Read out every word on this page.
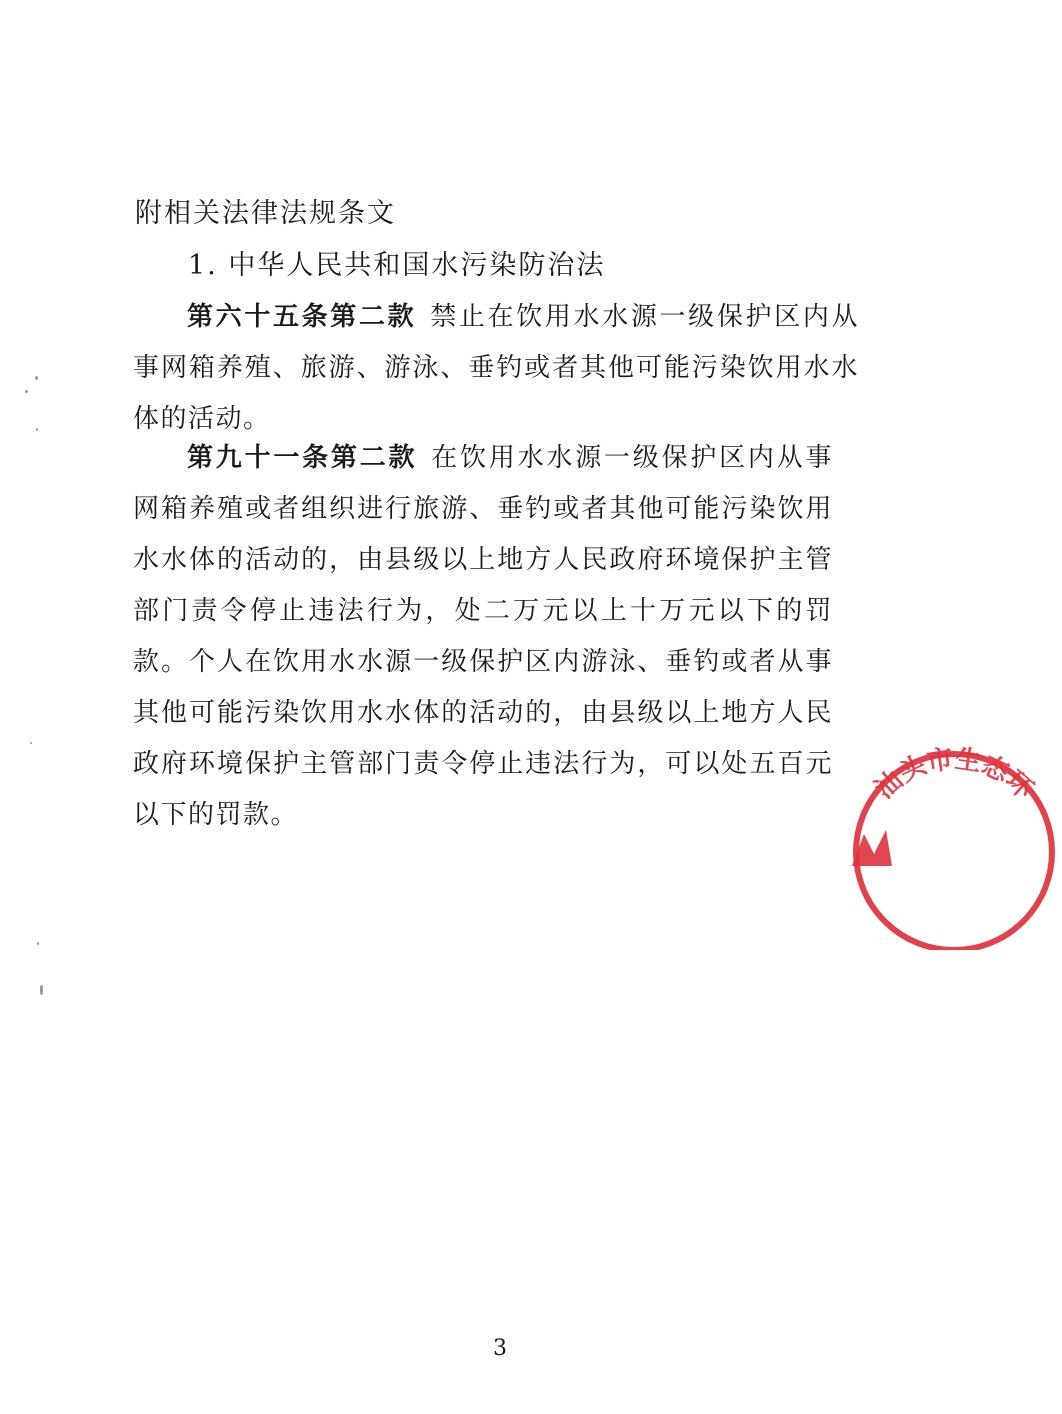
附相关法律法规条文
1. 中华人民共和国水污染防治法
第六十五条第二款 禁止在饮用水水源一级保护区内从事网箱养殖、旅游、游泳、垂钓或者其他可能污染饮用水水体的活动。
第九十一条第二款 在饮用水水源一级保护区内从事网箱养殖或者组织进行旅游、垂钓或者其他可能污染饮用水水体的活动的，由县级以上地方人民政府环境保护主管部门责令停止违法行为，处二万元以上十万元以下的罚款。个人在饮用水水源一级保护区内游泳、垂钓或者从事其他可能污染饮用水水体的活动的，由县级以上地方人民政府环境保护主管部门责令停止违法行为，可以处五百元以下的罚款。
汕头市生态环
3
